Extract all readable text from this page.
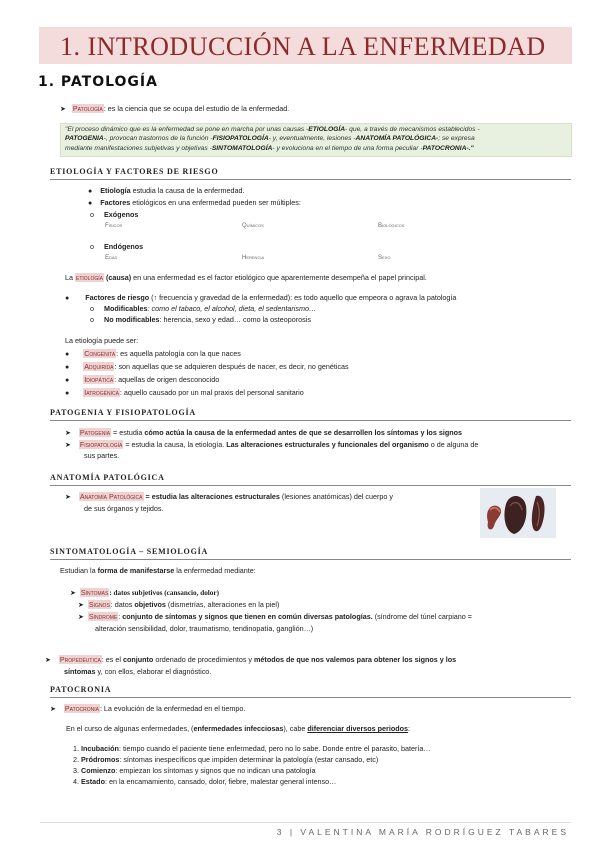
1. INTRODUCCIÓN A LA ENFERMEDAD
1. PATOLOGÍA
➤ Patología: es la ciencia que se ocupa del estudio de la enfermedad.
"El proceso dinámico que es la enfermedad se pone en marcha por unas causas -ETIOLOGÍA- que, a través de mecanismos establecidos -
PATOGENIA-, provocan trastornos de la función -FISIOPATOLOGÍA- y, eventualmente, lesiones -ANATOMÍA PATOLÓGICA-; se expresa
mediante manifestaciones subjetivas y objetivas -SINTOMATOLOGÍA- y evoluciona en el tiempo de una forma peculiar -PATOCRONIA-."
ETIOLOGÍA Y FACTORES DE RIESGO
● Etiología estudia la causa de la enfermedad.
● Factores etiológicos en una enfermedad pueden ser múltiples:
o Exógenos
Físicos	Químicos	Biológicos
o Endógenos
Edad	Herencia	Sexo
La etiología (causa) en una enfermedad es el factor etiológico que aparentemente desempeña el papel principal.
● Factores de riesgo (↑ frecuencia y gravedad de la enfermedad): es todo aquello que empeora o agrava la patología
o Modificables: como el tabaco, el alcohol, dieta, el sedentarismo…
o No modificables: herencia, sexo y edad… como la osteoporosis
La etiología puede ser:
● Congénita: es aquella patología con la que naces
● Adquirida: son aquellas que se adquieren después de nacer, es decir, no genéticas
● Idiopática: aquellas de origen desconocido
● Iatrogénica: aquello causado por un mal praxis del personal sanitario
PATOGENIA Y FISIOPATOLOGÍA
➤ Patogenia = estudia cómo actúa la causa de la enfermedad antes de que se desarrollen los síntomas y los signos
➤ Fisiopatología = estudia la causa, la etiología. Las alteraciones estructurales y funcionales del organismo o de alguna de
sus partes.
ANATOMÍA PATOLÓGICA
➤ Anatomía Patológica = estudia las alteraciones estructurales (lesiones anatómicas) del cuerpo y
de sus órganos y tejidos.
SINTOMATOLOGÍA – SEMIOLOGÍA
Estudian la forma de manifestarse la enfermedad mediante:
➤ Síntomas: datos subjetivos (cansancio, dolor)
➤ Signos: datos objetivos (dismetrías, alteraciones en la piel)
➤ Síndrome: conjunto de síntomas y signos que tienen en común diversas patologías. (síndrome del túnel carpiano =
alteración sensibilidad, dolor, traumatismo, tendinopatía, ganglión…)
➤ Propedéutica: es el conjunto ordenado de procedimientos y métodos de que nos valemos para obtener los signos y los
síntomas y, con ellos, elaborar el diagnóstico.
PATOCRONIA
➤ Patocronia: La evolución de la enfermedad en el tiempo.
En el curso de algunas enfermedades, (enfermedades infecciosas), cabe diferenciar diversos periodos:
1. Incubación: tiempo cuando el paciente tiene enfermedad, pero no lo sabe. Donde entre el parasito, batería…
2. Pródromos: síntomas inespecíficos que impiden determinar la patología (estar cansado, etc)
3. Comienzo: empiezan los síntomas y signos que no indican una patología
4. Estado: en la encamamiento, cansado, dolor, fiebre, malestar general intenso…
3 | VALENTINA MARÍA RODRÍGUEZ TABARES
